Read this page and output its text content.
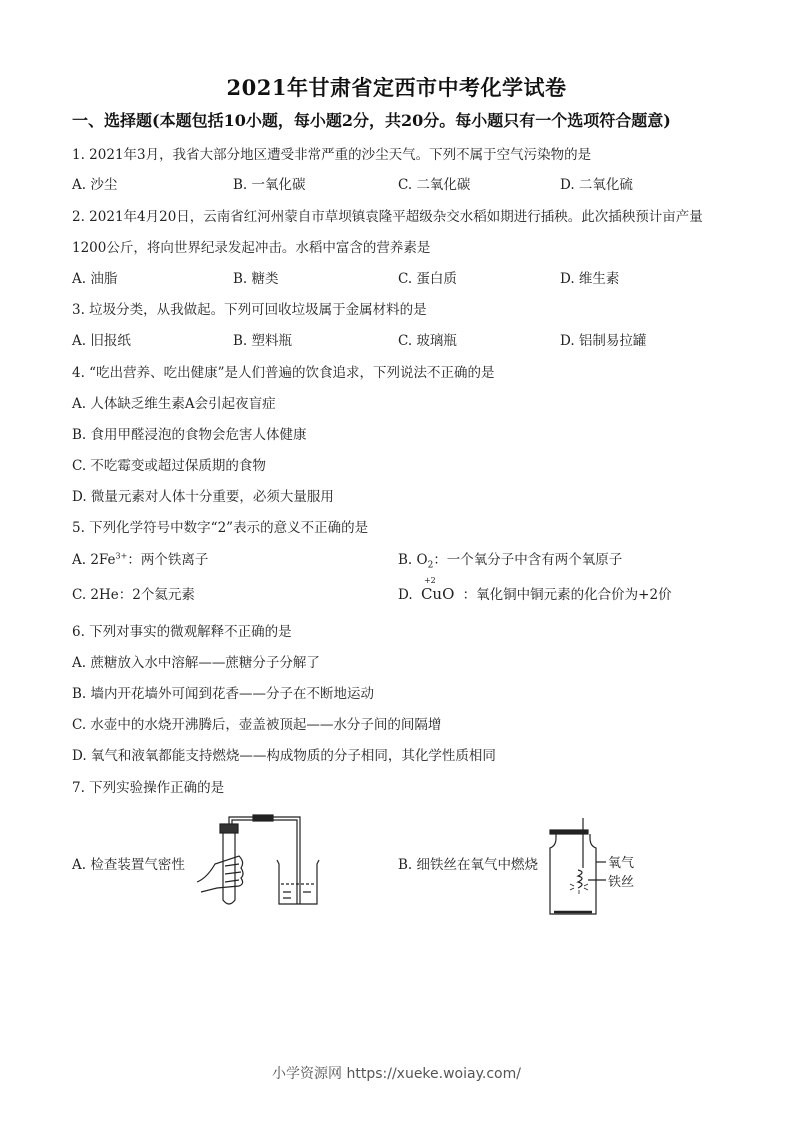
2021年甘肃省定西市中考化学试卷
一、选择题(本题包括10小题，每小题2分，共20分。每小题只有一个选项符合题意)
1. 2021年3月，我省大部分地区遭受非常严重的沙尘天气。下列不属于空气污染物的是
A. 沙尘	B. 一氧化碳	C. 二氧化碳	D. 二氧化硫
2. 2021年4月20日，云南省红河州蒙自市草坝镇袁隆平超级杂交水稻如期进行插秧。此次插秧预计亩产量
1200公斤，将向世界纪录发起冲击。水稻中富含的营养素是
A. 油脂	B. 糖类	C. 蛋白质	D. 维生素
3. 垃圾分类，从我做起。下列可回收垃圾属于金属材料的是
A. 旧报纸	B. 塑料瓶	C. 玻璃瓶	D. 铝制易拉罐
4. “吃出营养、吃出健康”是人们普遍的饮食追求，下列说法不正确的是
A. 人体缺乏维生素A会引起夜盲症
B. 食用甲醛浸泡的食物会危害人体健康
C. 不吃霉变或超过保质期的食物
D. 微量元素对人体十分重要，必须大量服用
5. 下列化学符号中数字“2”表示的意义不正确的是
A. $2Fe^{3+}$：两个铁离子	B. $O_2$：一个氧分子中含有两个氧原子
C. 2He：2个氦元素	D.
+2
CuO ：氧化铜中铜元素的化合价为+2价
6. 下列对事实的微观解释不正确的是
A. 蔗糖放入水中溶解——蔗糖分子分解了
B. 墙内开花墙外可闻到花香——分子在不断地运动
C. 水壶中的水烧开沸腾后，壶盖被顶起——水分子间的间隔增
D. 氧气和液氧都能支持燃烧——构成物质的分子相同，其化学性质相同
7. 下列实验操作正确的是
A. 检查装置气密性	B. 细铁丝在氧气中燃烧	氧气
铁丝
小学资源网 https://xueke.woiay.com/
